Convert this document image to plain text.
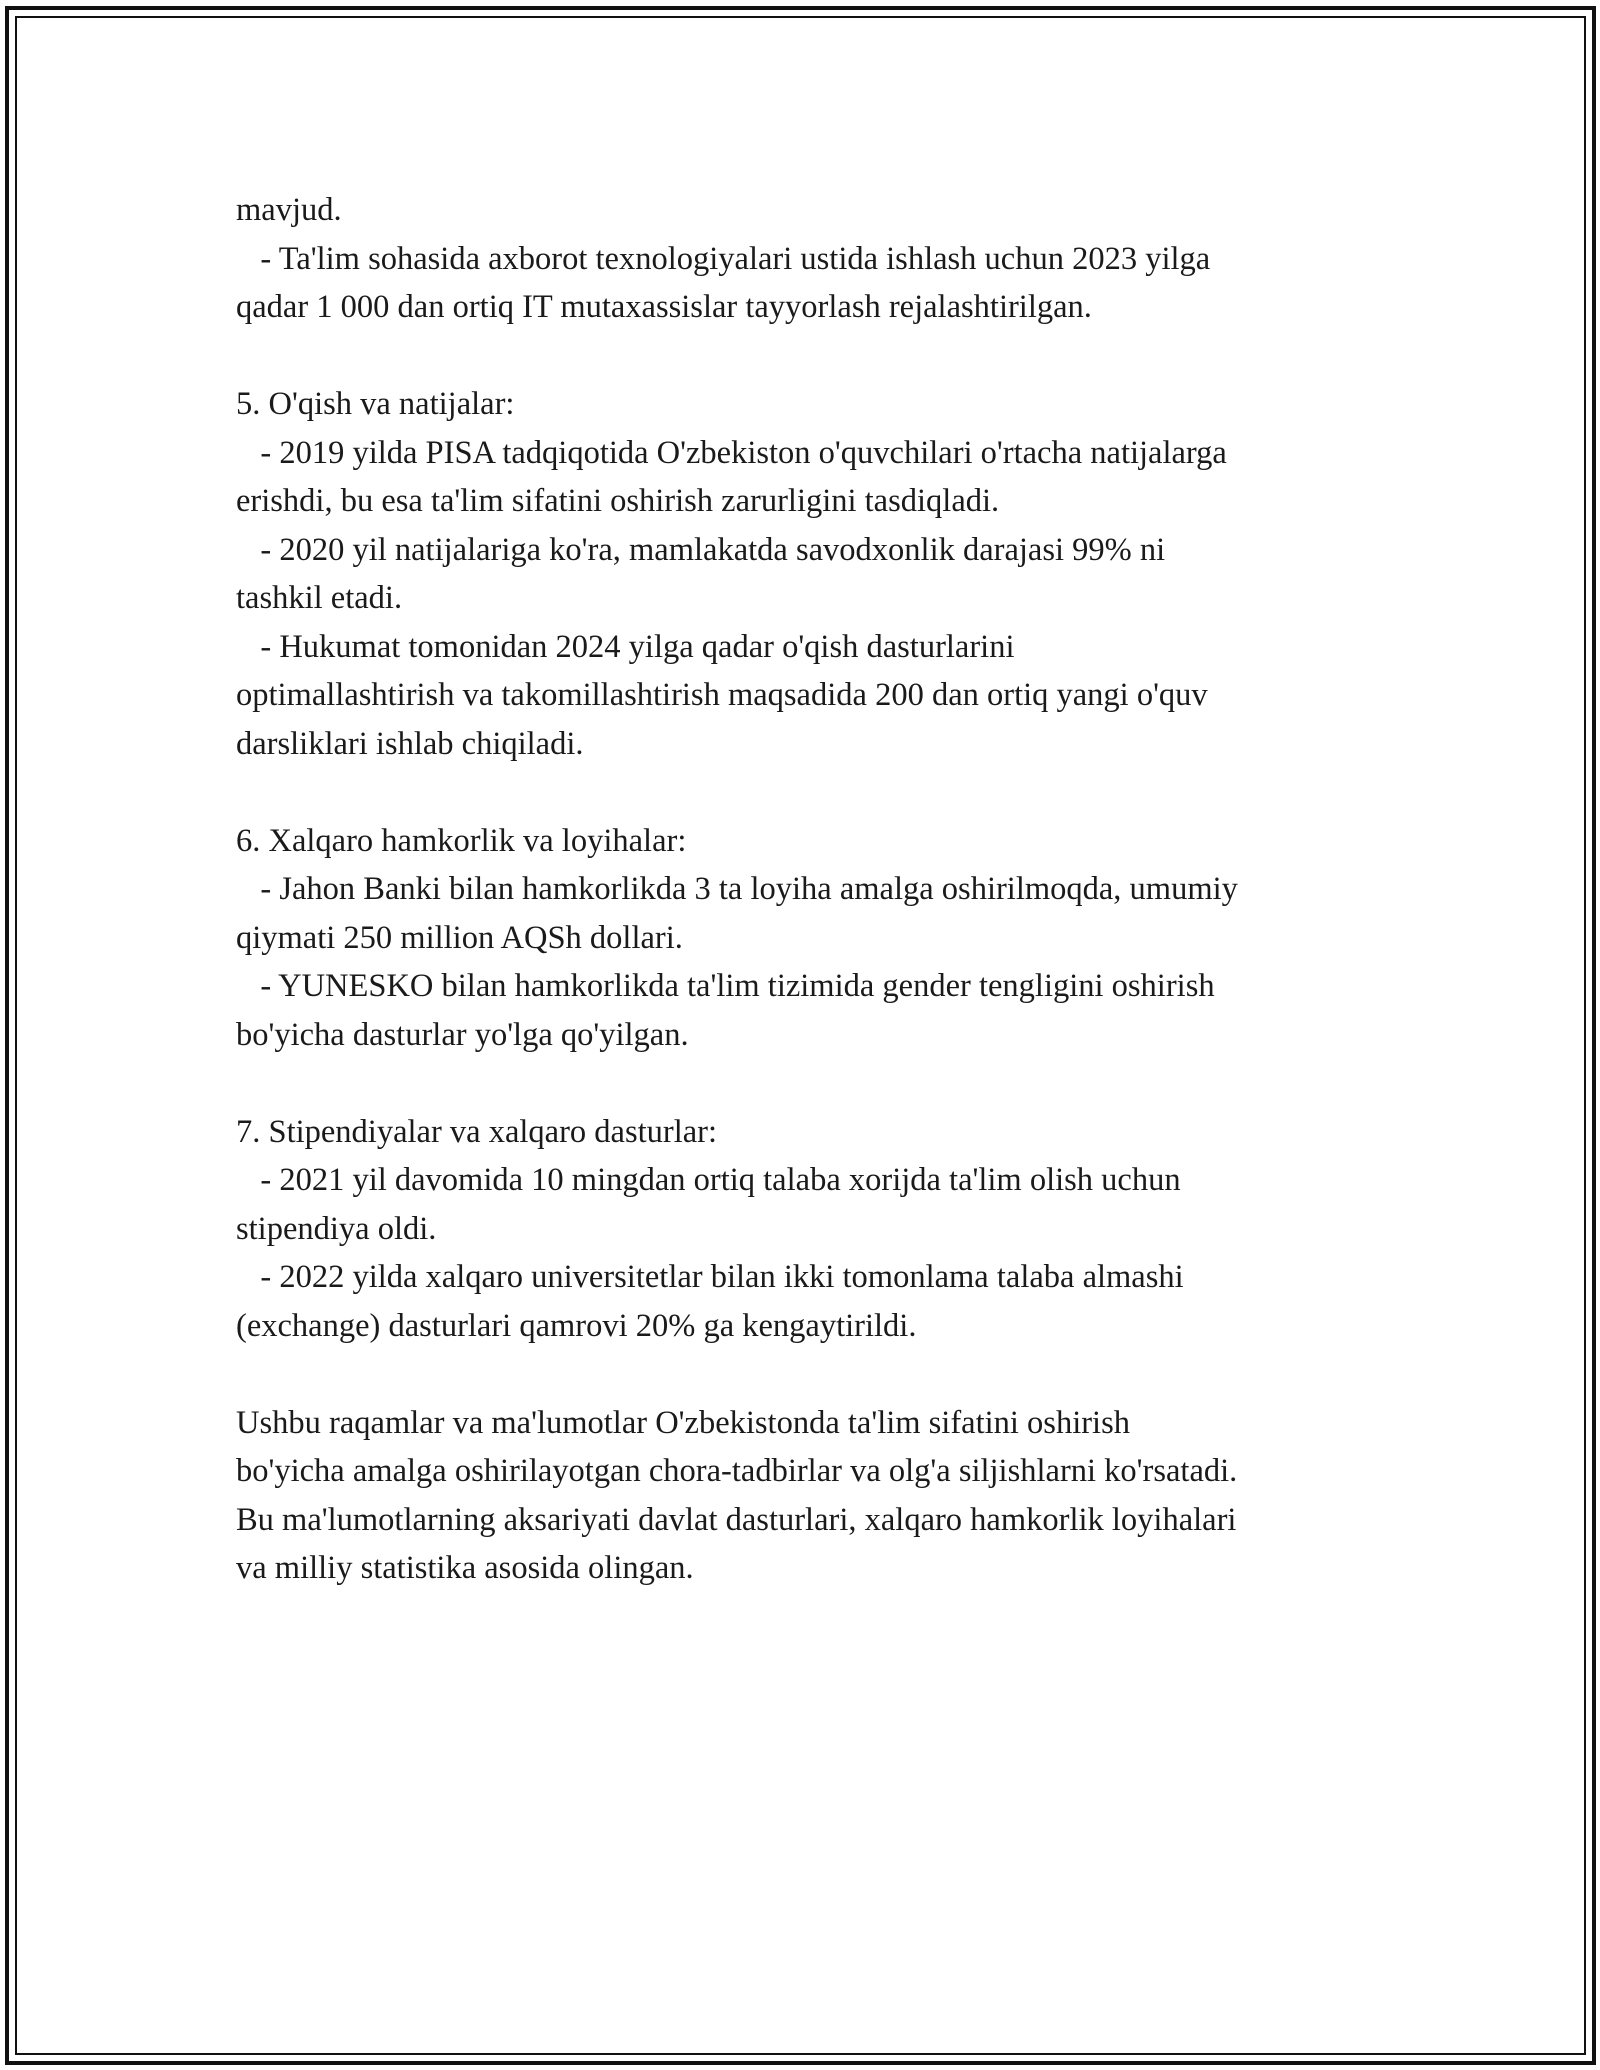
mavjud.
- Ta'lim sohasida axborot texnologiyalari ustida ishlash uchun 2023 yilga
qadar 1 000 dan ortiq IT mutaxassislar tayyorlash rejalashtirilgan.
5. O'qish va natijalar:
- 2019 yilda PISA tadqiqotida O'zbekiston o'quvchilari o'rtacha natijalarga
erishdi, bu esa ta'lim sifatini oshirish zarurligini tasdiqladi.
- 2020 yil natijalariga ko'ra, mamlakatda savodxonlik darajasi 99% ni
tashkil etadi.
- Hukumat tomonidan 2024 yilga qadar o'qish dasturlarini
optimallashtirish va takomillashtirish maqsadida 200 dan ortiq yangi o'quv
darsliklari ishlab chiqiladi.
6. Xalqaro hamkorlik va loyihalar:
- Jahon Banki bilan hamkorlikda 3 ta loyiha amalga oshirilmoqda, umumiy
qiymati 250 million AQSh dollari.
- YUNESKO bilan hamkorlikda ta'lim tizimida gender tengligini oshirish
bo'yicha dasturlar yo'lga qo'yilgan.
7. Stipendiyalar va xalqaro dasturlar:
- 2021 yil davomida 10 mingdan ortiq talaba xorijda ta'lim olish uchun
stipendiya oldi.
- 2022 yilda xalqaro universitetlar bilan ikki tomonlama talaba almashi
(exchange) dasturlari qamrovi 20% ga kengaytirildi.
Ushbu raqamlar va ma'lumotlar O'zbekistonda ta'lim sifatini oshirish
bo'yicha amalga oshirilayotgan chora-tadbirlar va olg'a siljishlarni ko'rsatadi.
Bu ma'lumotlarning aksariyati davlat dasturlari, xalqaro hamkorlik loyihalari
va milliy statistika asosida olingan.
